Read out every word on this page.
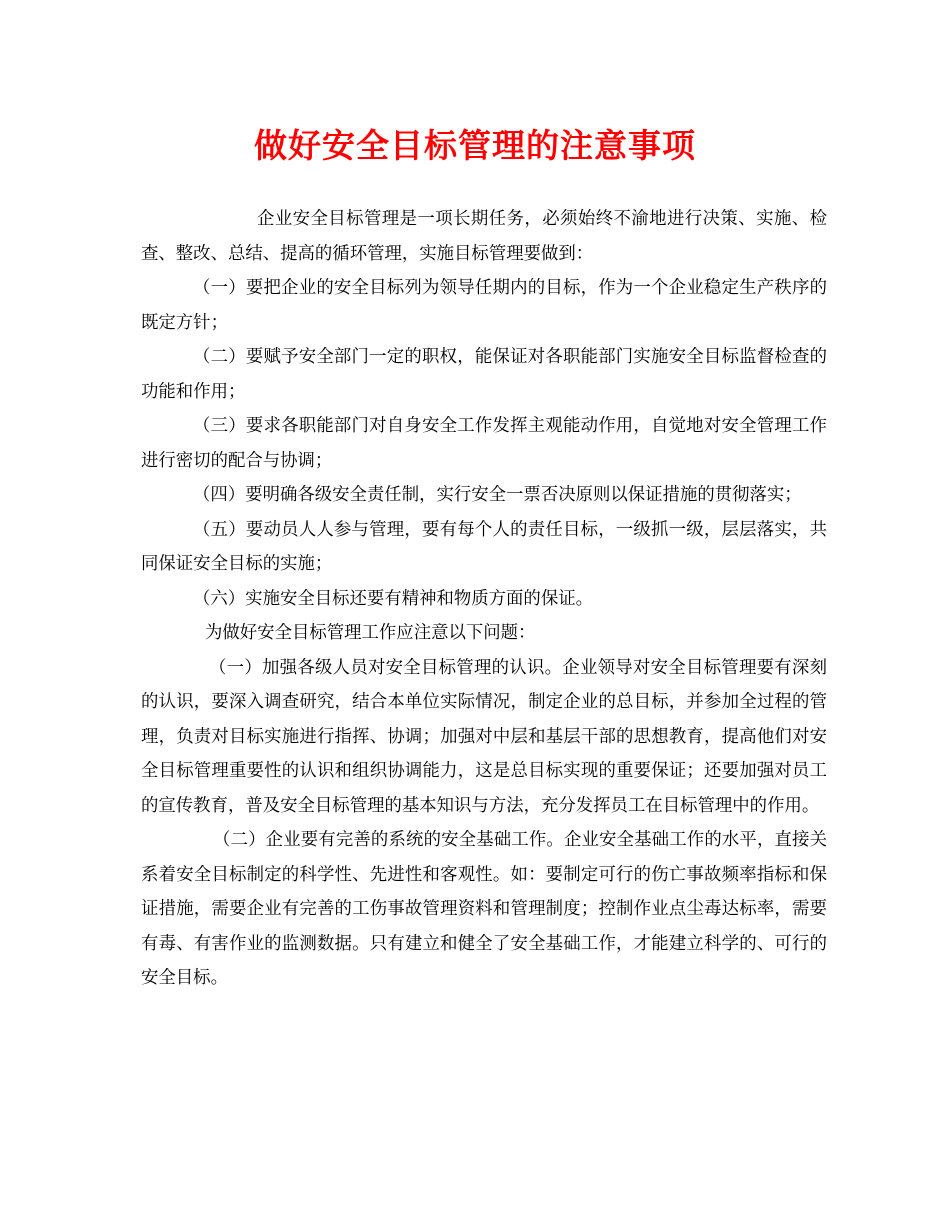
做好安全目标管理的注意事项

企业安全目标管理是一项长期任务，必须始终不渝地进行决策、实施、检查、整改、总结、提高的循环管理，实施目标管理要做到：

（一）要把企业的安全目标列为领导任期内的目标，作为一个企业稳定生产秩序的既定方针；

（二）要赋予安全部门一定的职权，能保证对各职能部门实施安全目标监督检查的功能和作用；

（三）要求各职能部门对自身安全工作发挥主观能动作用，自觉地对安全管理工作进行密切的配合与协调；

（四）要明确各级安全责任制，实行安全一票否决原则以保证措施的贯彻落实；

（五）要动员人人参与管理，要有每个人的责任目标，一级抓一级，层层落实，共同保证安全目标的实施；

（六）实施安全目标还要有精神和物质方面的保证。

为做好安全目标管理工作应注意以下问题：

（一）加强各级人员对安全目标管理的认识。企业领导对安全目标管理要有深刻的认识，要深入调查研究，结合本单位实际情况，制定企业的总目标，并参加全过程的管理，负责对目标实施进行指挥、协调；加强对中层和基层干部的思想教育，提高他们对安全目标管理重要性的认识和组织协调能力，这是总目标实现的重要保证；还要加强对员工的宣传教育，普及安全目标管理的基本知识与方法，充分发挥员工在目标管理中的作用。

（二）企业要有完善的系统的安全基础工作。企业安全基础工作的水平，直接关系着安全目标制定的科学性、先进性和客观性。如：要制定可行的伤亡事故频率指标和保证措施，需要企业有完善的工伤事故管理资料和管理制度；控制作业点尘毒达标率，需要有毒、有害作业的监测数据。只有建立和健全了安全基础工作，才能建立科学的、可行的安全目标。
